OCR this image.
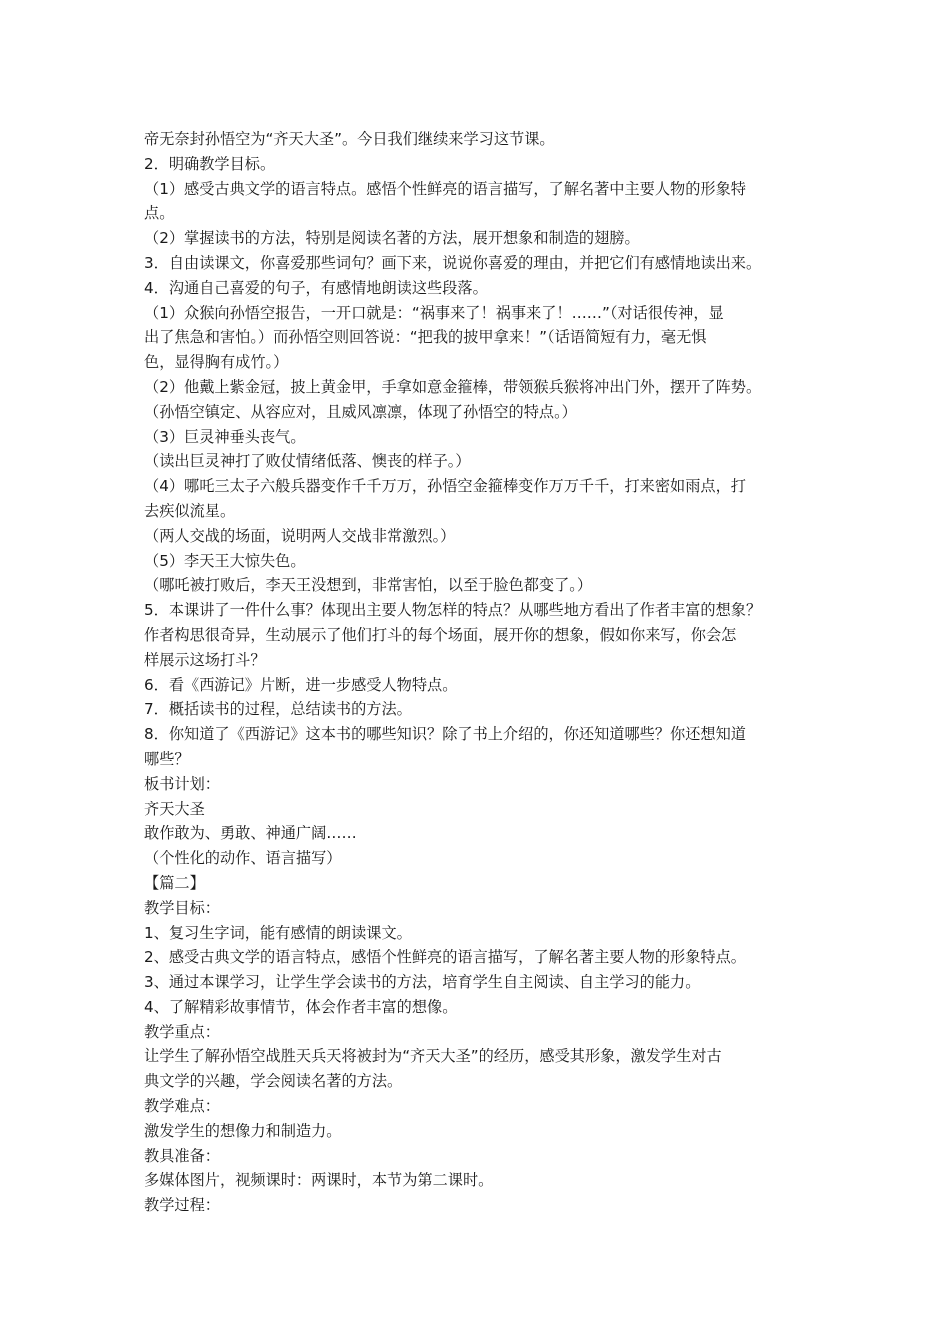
帝无奈封孙悟空为“齐天大圣”。今日我们继续来学习这节课。

2．明确教学目标。

（1）感受古典文学的语言特点。感悟个性鲜亮的语言描写，了解名著中主要人物的形象特

点。

（2）掌握读书的方法，特别是阅读名著的方法，展开想象和制造的翅膀。

3．自由读课文，你喜爱那些词句？画下来，说说你喜爱的理由，并把它们有感情地读出来。

4．沟通自己喜爱的句子，有感情地朗读这些段落。

（1）众猴向孙悟空报告，一开口就是：“祸事来了！祸事来了！……”（对话很传神，显

出了焦急和害怕。）而孙悟空则回答说：“把我的披甲拿来！”（话语简短有力，毫无惧

色，显得胸有成竹。）

（2）他戴上紫金冠，披上黄金甲，手拿如意金箍棒，带领猴兵猴将冲出门外，摆开了阵势。

（孙悟空镇定、从容应对，且威风凛凛，体现了孙悟空的特点。）

（3）巨灵神垂头丧气。

（读出巨灵神打了败仗情绪低落、懊丧的样子。）

（4）哪吒三太子六般兵器变作千千万万，孙悟空金箍棒变作万万千千，打来密如雨点，打

去疾似流星。

（两人交战的场面，说明两人交战非常激烈。）

（5）李天王大惊失色。

（哪吒被打败后，李天王没想到，非常害怕，以至于脸色都变了。）

5．本课讲了一件什么事？体现出主要人物怎样的特点？从哪些地方看出了作者丰富的想象？

作者构思很奇异，生动展示了他们打斗的每个场面，展开你的想象，假如你来写，你会怎

样展示这场打斗？

6．看《西游记》片断，进一步感受人物特点。

7．概括读书的过程，总结读书的方法。

8．你知道了《西游记》这本书的哪些知识？除了书上介绍的，你还知道哪些？你还想知道

哪些？

板书计划：

齐天大圣

敢作敢为、勇敢、神通广阔……

（个性化的动作、语言描写）

【篇二】

教学目标：

1、复习生字词，能有感情的朗读课文。

2、感受古典文学的语言特点，感悟个性鲜亮的语言描写，了解名著主要人物的形象特点。

3、通过本课学习，让学生学会读书的方法，培育学生自主阅读、自主学习的能力。

4、了解精彩故事情节，体会作者丰富的想像。

教学重点：

让学生了解孙悟空战胜天兵天将被封为“齐天大圣”的经历，感受其形象，激发学生对古

典文学的兴趣，学会阅读名著的方法。

教学难点：

激发学生的想像力和制造力。

教具准备：

多媒体图片，视频课时：两课时，本节为第二课时。

教学过程：
